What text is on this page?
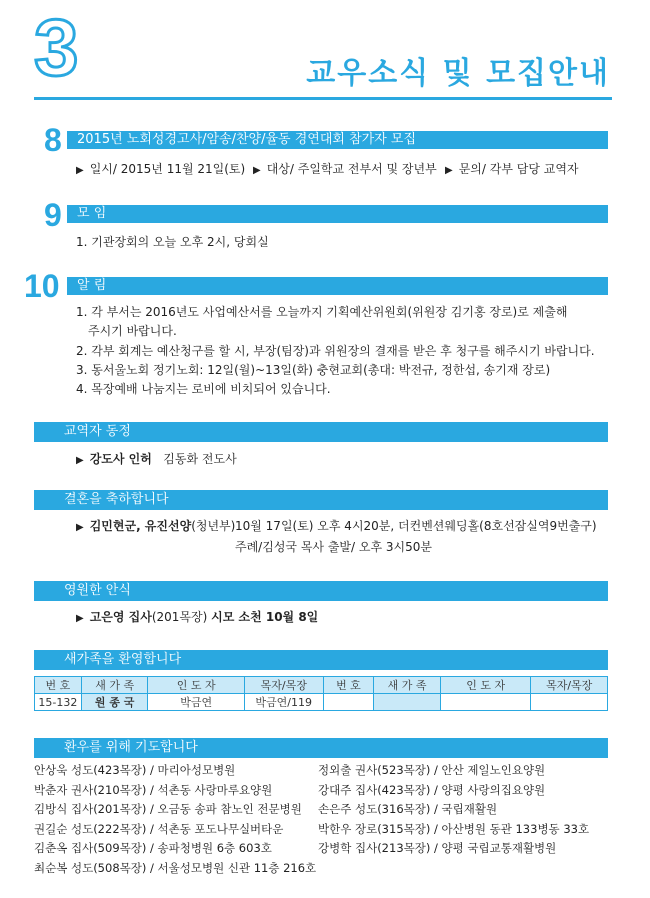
3	교우소식 및 모집안내
8	2015년 노회성경고사/암송/찬양/율동 경연대회 참가자 모집
▶ 일시/ 2015년 11월 21일(토) ▶ 대상/ 주일학교 전부서 및 장년부 ▶ 문의/ 각부 담당 교역자
9	모 임
1. 기관장회의 오늘 오후 2시, 당회실
10	알 림
1. 각 부서는 2016년도 사업예산서를 오늘까지 기획예산위원회(위원장 김기홍 장로)로 제출해
주시기 바랍니다.
2. 각부 회계는 예산청구를 할 시, 부장(팀장)과 위원장의 결재를 받은 후 청구를 해주시기 바랍니다.
3. 동서울노회 정기노회: 12일(월)~13일(화) 충현교회(총대: 박전규, 정한섭, 송기재 장로)
4. 목장예배 나눔지는 로비에 비치되어 있습니다.
교역자 동정
▶ 강도사 인허 김동화 전도사
결혼을 축하합니다
▶ 김민현군, 유진선양(청년부) 10월 17일(토) 오후 4시20분, 더컨벤션웨딩홀(8호선잠실역9번출구)
주례/김성국 목사 출발/ 오후 3시50분
영원한 안식
▶ 고은영 집사(201목장) 시모 소천 10월 8일
새가족을 환영합니다
번 호	새 가 족	인 도 자	목자/목장	번 호	새 가 족	인 도 자	목자/목장
15-132	원 종 국	박금연	박금연/119				
환우를 위해 기도합니다
안상욱 성도(423목장) / 마리아성모병원
박춘자 권사(210목장) / 석촌동 사랑마루요양원
김방식 집사(201목장) / 오금동 송파 참노인 전문병원
권길순 성도(222목장) / 석촌동 포도나무실버타운
김춘옥 집사(509목장) / 송파청병원 6층 603호
최순복 성도(508목장) / 서울성모병원 신관 11층 216호
정외출 권사(523목장) / 안산 제일노인요양원
강대주 집사(423목장) / 양평 사랑의집요양원
손은주 성도(316목장) / 국립재활원
박한우 장로(315목장) / 아산병원 동관 133병동 33호
강병학 집사(213목장) / 양평 국립교통재활병원
